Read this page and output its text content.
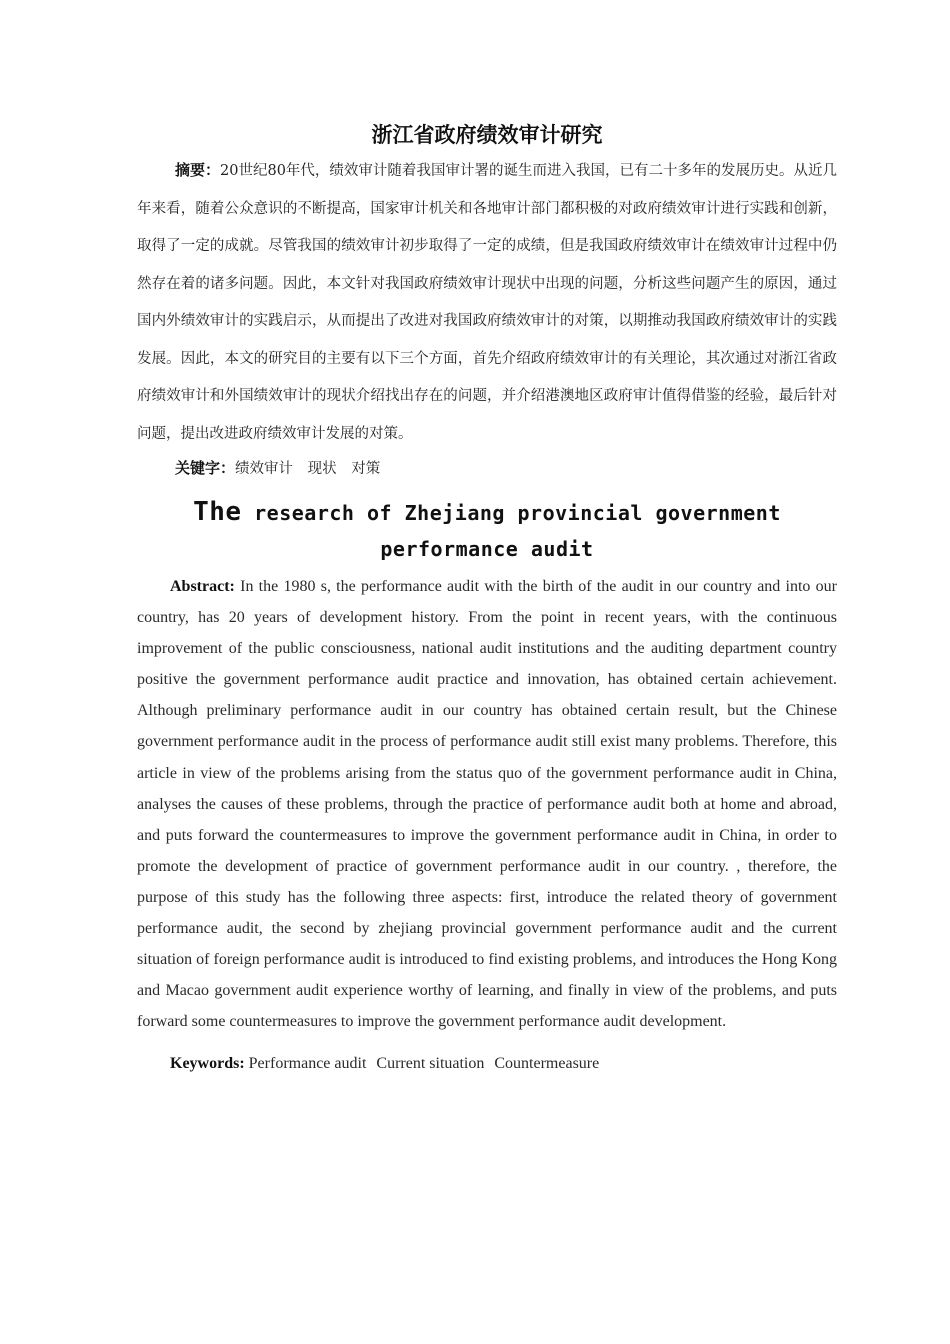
浙江省政府绩效审计研究

摘要：20世纪80年代，绩效审计随着我国审计署的诞生而进入我国，已有二十多年的发展历史。从近几年来看，随着公众意识的不断提高，国家审计机关和各地审计部门都积极的对政府绩效审计进行实践和创新，取得了一定的成就。尽管我国的绩效审计初步取得了一定的成绩，但是我国政府绩效审计在绩效审计过程中仍然存在着的诸多问题。因此，本文针对我国政府绩效审计现状中出现的问题，分析这些问题产生的原因，通过国内外绩效审计的实践启示，从而提出了改进对我国政府绩效审计的对策，以期推动我国政府绩效审计的实践发展。因此，本文的研究目的主要有以下三个方面，首先介绍政府绩效审计的有关理论，其次通过对浙江省政府绩效审计和外国绩效审计的现状介绍找出存在的问题，并介绍港澳地区政府审计值得借鉴的经验，最后针对问题，提出改进政府绩效审计发展的对策。

关键字：绩效审计 现状 对策

The research of Zhejiang provincial government
performance audit

Abstract: In the 1980 s, the performance audit with the birth of the audit in our country and into our country, has 20 years of development history. From the point in recent years, with the continuous improvement of the public consciousness, national audit institutions and the auditing department country positive the government performance audit practice and innovation, has obtained certain achievement. Although preliminary performance audit in our country has obtained certain result, but the Chinese government performance audit in the process of performance audit still exist many problems. Therefore, this article in view of the problems arising from the status quo of the government performance audit in China, analyses the causes of these problems, through the practice of performance audit both at home and abroad, and puts forward the countermeasures to improve the government performance audit in China, in order to promote the development of practice of government performance audit in our country. , therefore, the purpose of this study has the following three aspects: first, introduce the related theory of government performance audit, the second by zhejiang provincial government performance audit and the current situation of foreign performance audit is introduced to find existing problems, and introduces the Hong Kong and Macao government audit experience worthy of learning, and finally in view of the problems, and puts forward some countermeasures to improve the government performance audit development.

Keywords: Performance audit Current situation Countermeasure
